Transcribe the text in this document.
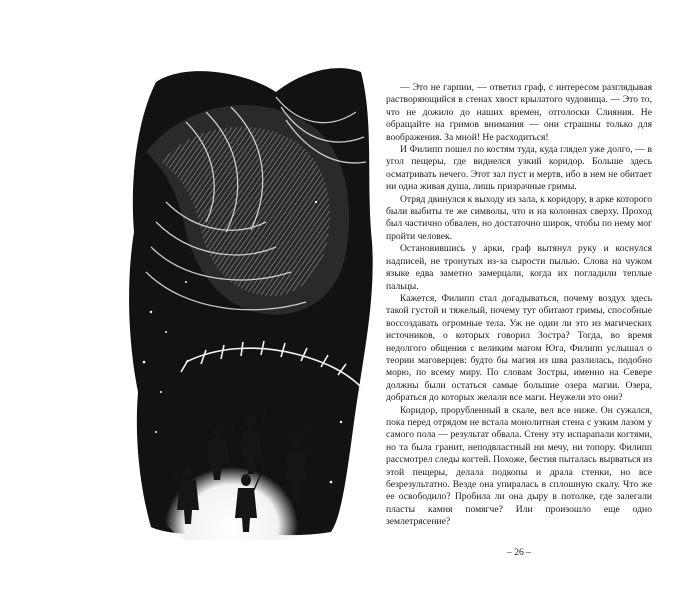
— Это не гарпии, — ответил граф, с интересом разглядывая растворяющийся в стенах хвост крылатого чудовища. — Это то, что не дожило до наших времен, отголоски Слияния. Не обращайте на гримов внимания — они страшны только для воображения. За мной! Не расходиться!

И Филипп пошел по костям туда, куда глядел уже долго, — в угол пещеры, где виднелся узкий коридор. Больше здесь осматривать нечего. Этот зал пуст и мертв, ибо в нем не обитает ни одна живая душа, лишь призрачные гримы.

Отряд двинулся к выходу из зала, к коридору, в арке которого были выбиты те же символы, что и на колоннах сверху. Проход был частично обвален, но достаточно широк, чтобы по нему мог пройти человек.

Остановившись у арки, граф вытянул руку и коснулся надписей, не тронутых из-за сырости пылью. Слова на чужом языке едва заметно замерцали, когда их погладили теплые пальцы.

Кажется, Филипп стал догадываться, почему воздух здесь такой густой и тяжелый, почему тут обитают гримы, способные воссоздавать огромные тела. Уж не один ли это из магических источников, о которых говорил Зостра? Тогда, во время недолгого общения с великим магом Юга, Филипп услышал о теории маговерцев: будто бы магия из шва разлилась, подобно морю, по всему миру. По словам Зостры, именно на Севере должны были остаться самые большие озера магии. Озера, добраться до которых желали все маги. Неужели это они?

Коридор, прорубленный в скале, вел все ниже. Он сужался, пока перед отрядом не встала монолитная стена с узким лазом у самого пола — результат обвала. Стену эту испарапали когтями, но та была гранит, неподвластный ни мечу, ни топору. Филипп рассмотрел следы когтей. Похоже, бестия пыталась вырваться из этой пещеры, делала подкопы и драла стенки, но все безрезультатно. Везде она упиралась в сплошную скалу. Что же ее освободило? Пробила ли она дыру в потолке, где залегали пласты камня помягче? Или произошло еще одно землетрясение?

– 26 –
